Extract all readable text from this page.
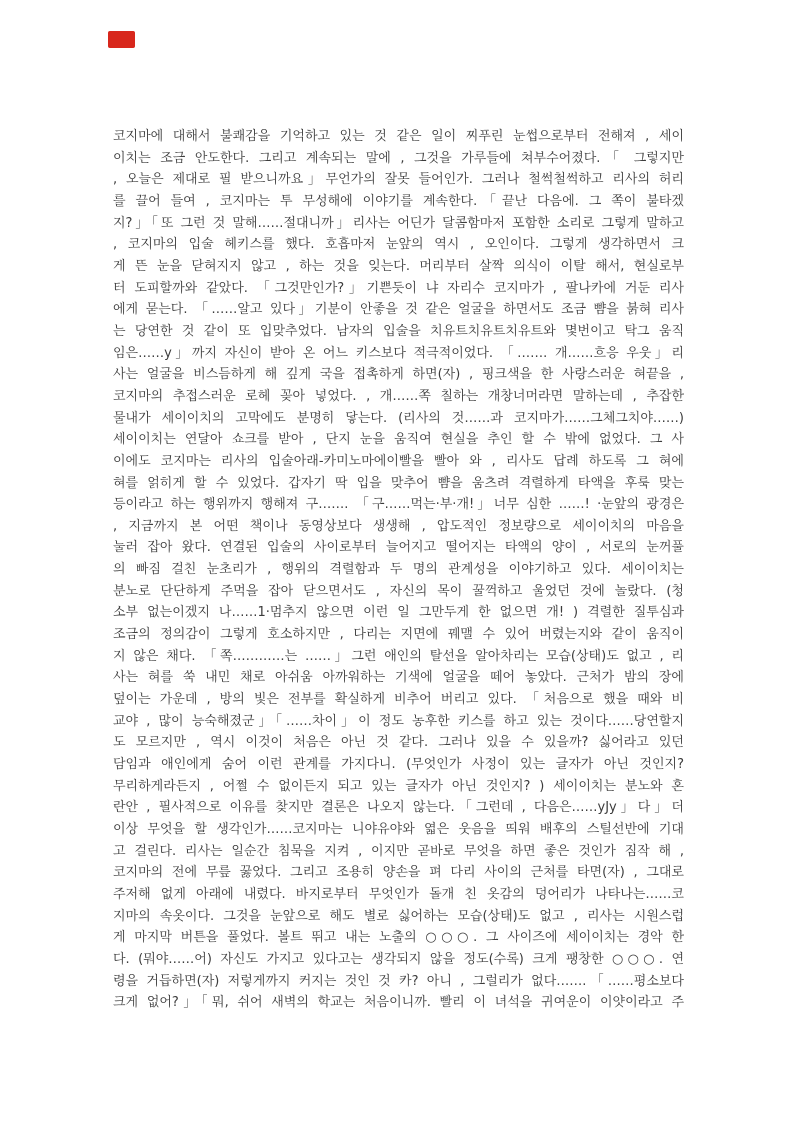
코지마에 대해서 불쾌감을 기억하고 있는 것 같은 일이 찌푸린 눈썹으로부터 전해져 , 세이
이치는 조금 안도한다. 그리고 계속되는 말에 , 그것을 가루들에 쳐부수어졌다.「 그렇지만
, 오늘은 제대로 필 받으니까요」무언가의 잘못 들어인가. 그러나 철썩철썩하고 리사의 허리
를 끌어 들여 , 코지마는 투 무성해에 이야기를 계속한다.「끝난 다음에. 그 쪽이 불타겠
지?」「또 그런 것 말해……절대니까」리사는 어딘가 달콤함마저 포함한 소리로 그렇게 말하고
, 코지마의 입술 헤키스를 했다. 호흡마저 눈앞의 역시 , 오인이다. 그렇게 생각하면서 크
게 뜬 눈을 닫혀지지 않고 , 하는 것을 잊는다. 머리부터 살짝 의식이 이탈 해서, 현실로부
터 도피할까와 같았다. 「그것만인가?」기쁜듯이 냐 자리수 코지마가 , 팔나카에 거둔 리사
에게 묻는다. 「……알고 있다」기분이 안좋을 것 같은 얼굴을 하면서도 조금 뺨을 붉혀 리사
는 당연한 것 같이 또 입맞추었다. 남자의 입술을 치유트치유트치유트와 몇번이고 탁그 움직
임은……y」까지 자신이 받아 온 어느 키스보다 적극적이었다. 「……. 개……흐응 우웃」리
사는 얼굴을 비스듬하게 해 깊게 국을 접촉하게 하면(자) , 핑크색을 한 사랑스러운 혀끝을 ,
코지마의 추접스러운 로헤 꽂아 넣었다. , 개……쪽 칠하는 개창너머라면 말하는데 , 추잡한
물내가 세이이치의 고막에도 분명히 닿는다. (리사의 것……과 코지마가……그체그치야……)
세이이치는 연달아 쇼크를 받아 , 단지 눈을 움직여 현실을 추인 할 수 밖에 없었다. 그 사
이에도 코지마는 리사의 입술아래-카미노마에이빨을 빨아 와 , 리사도 답례 하도록 그 혀에
혀를 얽히게 할 수 있었다. 갑자기 딱 입을 맞추어 뺨을 움츠려 격렬하게 타액을 후룩 맞는
등이라고 하는 행위까지 행해져 구……. 「구……먹는·부·개!」너무 심한 ……! ·눈앞의 광경은
, 지금까지 본 어떤 책이나 동영상보다 생생해 , 압도적인 정보량으로 세이이치의 마음을
눌러 잡아 왔다. 연결된 입술의 사이로부터 늘어지고 떨어지는 타액의 양이 , 서로의 눈꺼풀
의 빠짐 걸친 눈초리가 , 행위의 격렬함과 두 명의 관계성을 이야기하고 있다. 세이이치는
분노로 단단하게 주먹을 잡아 닫으면서도 , 자신의 목이 꿀꺽하고 울었던 것에 놀랐다. (청
소부 없는이겠지 나……1·멈추지 않으면 이런 일 그만두게 한 없으면 개! ) 격렬한 질투심과
조금의 정의감이 그렇게 호소하지만 , 다리는 지면에 꿰맬 수 있어 버렸는지와 같이 움직이
지 않은 채다. 「쪽…………는 ……」그런 애인의 탈선을 알아차리는 모습(상태)도 없고 , 리
사는 혀를 쑥 내민 채로 아쉬움 아까워하는 기색에 얼굴을 떼어 놓았다. 근처가 밤의 장에
덮이는 가운데 , 방의 빛은 전부를 확실하게 비추어 버리고 있다. 「처음으로 했을 때와 비
교야 , 많이 능숙해졌군」「……차이」이 정도 농후한 키스를 하고 있는 것이다……당연할지
도 모르지만 , 역시 이것이 처음은 아닌 것 같다. 그러나 있을 수 있을까? 싫어라고 있던
담임과 애인에게 숨어 이런 관계를 가지다니. (무엇인가 사정이 있는 글자가 아닌 것인지?
무리하게라든지 , 어쩔 수 없이든지 되고 있는 글자가 아닌 것인지? ) 세이이치는 분노와 혼
란안 , 필사적으로 이유를 찾지만 결론은 나오지 않는다.「그런데 , 다음은……yJy」다」더
이상 무엇을 할 생각인가……코지마는 니야유야와 엷은 웃음을 띄워 배후의 스틸선반에 기대
고 걸린다. 리사는 일순간 침묵을 지켜 , 이지만 곧바로 무엇을 하면 좋은 것인가 짐작 해 ,
코지마의 전에 무릎 꿇었다. 그리고 조용히 양손을 펴 다리 사이의 근처를 타면(자) , 그대로
주저해 없게 아래에 내렸다. 바지로부터 무엇인가 돌개 친 옷감의 덩어리가 나타나는……코
지마의 속옷이다. 그것을 눈앞으로 해도 별로 싫어하는 모습(상태)도 없고 , 리사는 시원스럽
게 마지막 버튼을 풀었다. 볼트 뛰고 내는 노출의 ○○○. 그 사이즈에 세이이치는 경악 한
다. (뭐야……어) 자신도 가지고 있다고는 생각되지 않을 정도(수록) 크게 팽창한 ○○○. 연
령을 거듭하면(자) 저렇게까지 커지는 것인 것 카? 아니 , 그럴리가 없다…….「……평소보다
크게 없어?」「뭐, 쉬어 새벽의 학교는 처음이니까. 빨리 이 녀석을 귀여운이 이얏이라고 주
